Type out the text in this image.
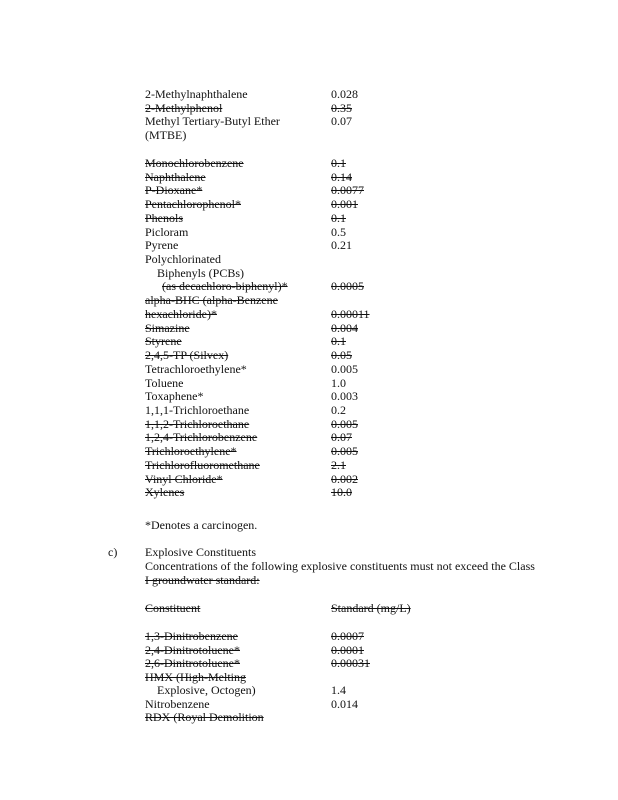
2-Methylnaphthalene	0.028
2-Methylphenol	0.35
Methyl Tertiary-Butyl Ether	0.07
(MTBE)
Monochlorobenzene	0.1
Naphthalene	0.14
P-Dioxane*	0.0077
Pentachlorophenol*	0.001
Phenols	0.1
Picloram	0.5
Pyrene	0.21
Polychlorinated
Biphenyls (PCBs)
(as decachloro-biphenyl)*	0.0005
alpha-BHC (alpha-Benzene
hexachloride)*	0.00011
Simazine	0.004
Styrene	0.1
2,4,5-TP (Silvex)	0.05
Tetrachloroethylene*	0.005
Toluene	1.0
Toxaphene*	0.003
1,1,1-Trichloroethane	0.2
1,1,2-Trichloroethane	0.005
1,2,4-Trichlorobenzene	0.07
Trichloroethylene*	0.005
Trichlorofluoromethane	2.1
Vinyl Chloride*	0.002
Xylenes	10.0
*Denotes a carcinogen.
c) Explosive Constituents
Concentrations of the following explosive constituents must not exceed the Class
I groundwater standard:
Constituent	Standard (mg/L)
1,3-Dinitrobenzene	0.0007
2,4-Dinitrotoluene*	0.0001
2,6-Dinitrotoluene*	0.00031
HMX (High-Melting
Explosive, Octogen)	1.4
Nitrobenzene	0.014
RDX (Royal Demolition
